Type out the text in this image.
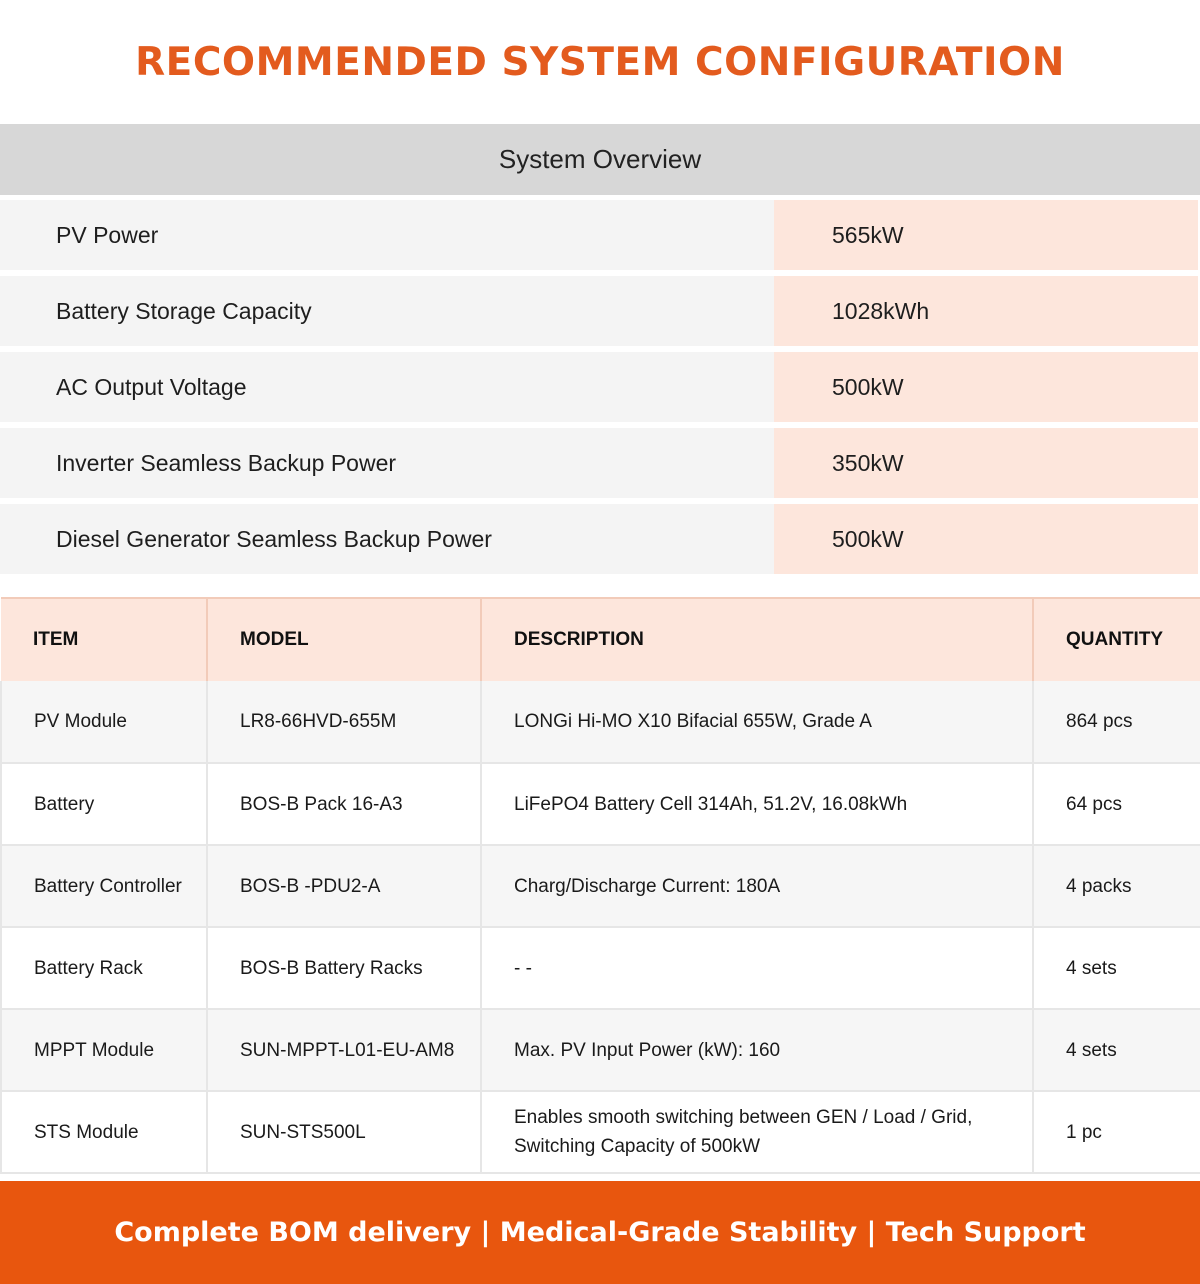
RECOMMENDED SYSTEM CONFIGURATION
System Overview
PV Power	565kW
Battery Storage Capacity	1028kWh
AC Output Voltage	500kW
Inverter Seamless Backup Power	350kW
Diesel Generator Seamless Backup Power	500kW
ITEM	MODEL	DESCRIPTION	QUANTITY
PV Module	LR8-66HVD-655M	LONGi Hi-MO X10 Bifacial 655W, Grade A	864 pcs
Battery	BOS-B Pack 16-A3	LiFePO4 Battery Cell 314Ah, 51.2V, 16.08kWh	64 pcs
Battery Controller	BOS-B -PDU2-A	Charg/Discharge Current: 180A	4 packs
Battery Rack	BOS-B Battery Racks	- -	4 sets
MPPT Module	SUN-MPPT-L01-EU-AM8	Max. PV Input Power (kW): 160	4 sets
STS Module	SUN-STS500L	Enables smooth switching between GEN / Load / Grid, Switching Capacity of 500kW	1 pc
Complete BOM delivery | Medical-Grade Stability | Tech Support
